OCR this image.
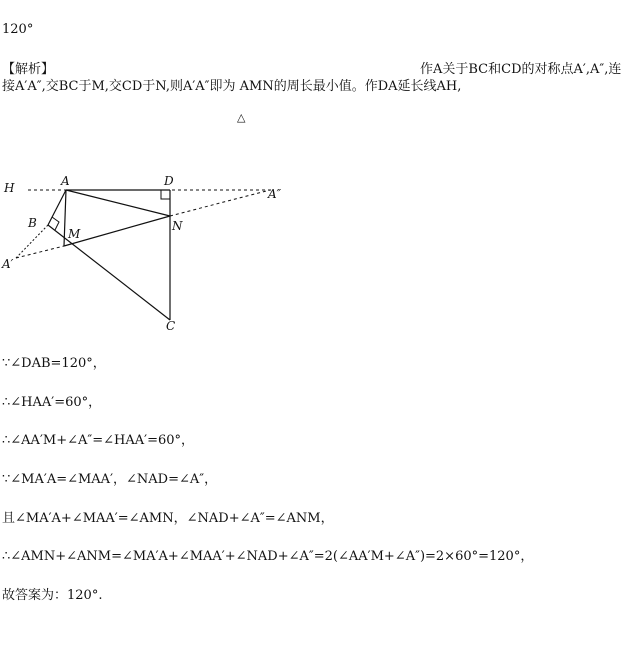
120°
【解析】	作A关于BC和CD的对称点A′,A″,连
接A′A″,交BC于M,交CD于N,则A′A″即为 AMN的周长最小值。作DA延长线AH,
△
H	A	D
A″
B
M
N
A′
C
∵∠DAB=120°，
∴∠HAA′=60°，
∴∠AA′M+∠A″=∠HAA′=60°，
∵∠MA′A=∠MAA′，∠NAD=∠A″，
且∠MA′A+∠MAA′=∠AMN，∠NAD+∠A″=∠ANM，
∴∠AMN+∠ANM=∠MA′A+∠MAA′+∠NAD+∠A″=2(∠AA′M+∠A″)=2×60°=120°，
故答案为：120°.
